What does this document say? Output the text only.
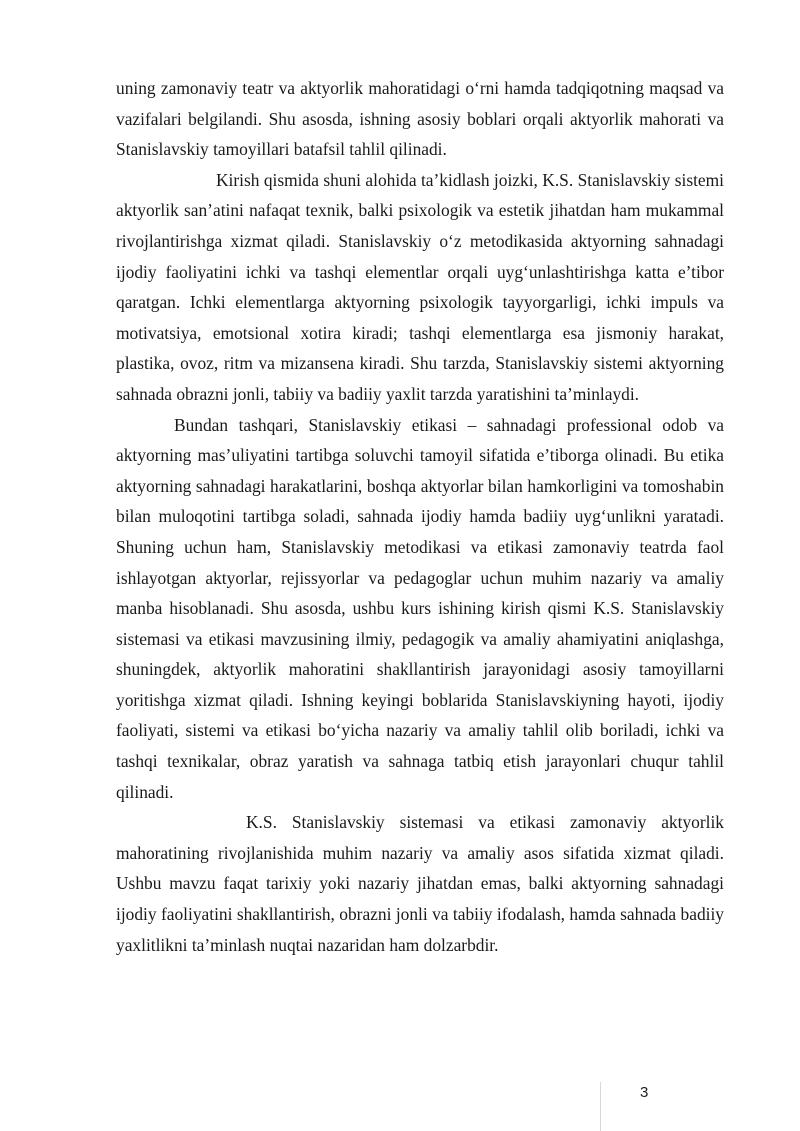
uning zamonaviy teatr va aktyorlik mahoratidagi o‘rni hamda tadqiqotning maqsad va vazifalari belgilandi. Shu asosda, ishning asosiy boblari orqali aktyorlik mahorati va Stanislavskiy tamoyillari batafsil tahlil qilinadi.

Kirish qismida shuni alohida ta’kidlash joizki, K.S. Stanislavskiy sistemi aktyorlik san’atini nafaqat texnik, balki psixologik va estetik jihatdan ham mukammal rivojlantirishga xizmat qiladi. Stanislavskiy o‘z metodikasida aktyorning sahnadagi ijodiy faoliyatini ichki va tashqi elementlar orqali uyg‘unlashtirishga katta e’tibor qaratgan. Ichki elementlarga aktyorning psixologik tayyorgarligi, ichki impuls va motivatsiya, emotsional xotira kiradi; tashqi elementlarga esa jismoniy harakat, plastika, ovoz, ritm va mizansena kiradi. Shu tarzda, Stanislavskiy sistemi aktyorning sahnada obrazni jonli, tabiiy va badiiy yaxlit tarzda yaratishini ta’minlaydi.

Bundan tashqari, Stanislavskiy etikasi – sahnadagi professional odob va aktyorning mas’uliyatini tartibga soluvchi tamoyil sifatida e’tiborga olinadi. Bu etika aktyorning sahnadagi harakatlarini, boshqa aktyorlar bilan hamkorligini va tomoshabin bilan muloqotini tartibga soladi, sahnada ijodiy hamda badiiy uyg‘unlikni yaratadi. Shuning uchun ham, Stanislavskiy metodikasi va etikasi zamonaviy teatrda faol ishlayotgan aktyorlar, rejissyorlar va pedagoglar uchun muhim nazariy va amaliy manba hisoblanadi. Shu asosda, ushbu kurs ishining kirish qismi K.S. Stanislavskiy sistemasi va etikasi mavzusining ilmiy, pedagogik va amaliy ahamiyatini aniqlashga, shuningdek, aktyorlik mahoratini shakllantirish jarayonidagi asosiy tamoyillarni yoritishga xizmat qiladi. Ishning keyingi boblarida Stanislavskiyning hayoti, ijodiy faoliyati, sistemi va etikasi bo‘yicha nazariy va amaliy tahlil olib boriladi, ichki va tashqi texnikalar, obraz yaratish va sahnaga tatbiq etish jarayonlari chuqur tahlil qilinadi.

K.S. Stanislavskiy sistemasi va etikasi zamonaviy aktyorlik mahoratining rivojlanishida muhim nazariy va amaliy asos sifatida xizmat qiladi. Ushbu mavzu faqat tarixiy yoki nazariy jihatdan emas, balki aktyorning sahnadagi ijodiy faoliyatini shakllantirish, obrazni jonli va tabiiy ifodalash, hamda sahnada badiiy yaxlitlikni ta’minlash nuqtai nazaridan ham dolzarbdir.

3
